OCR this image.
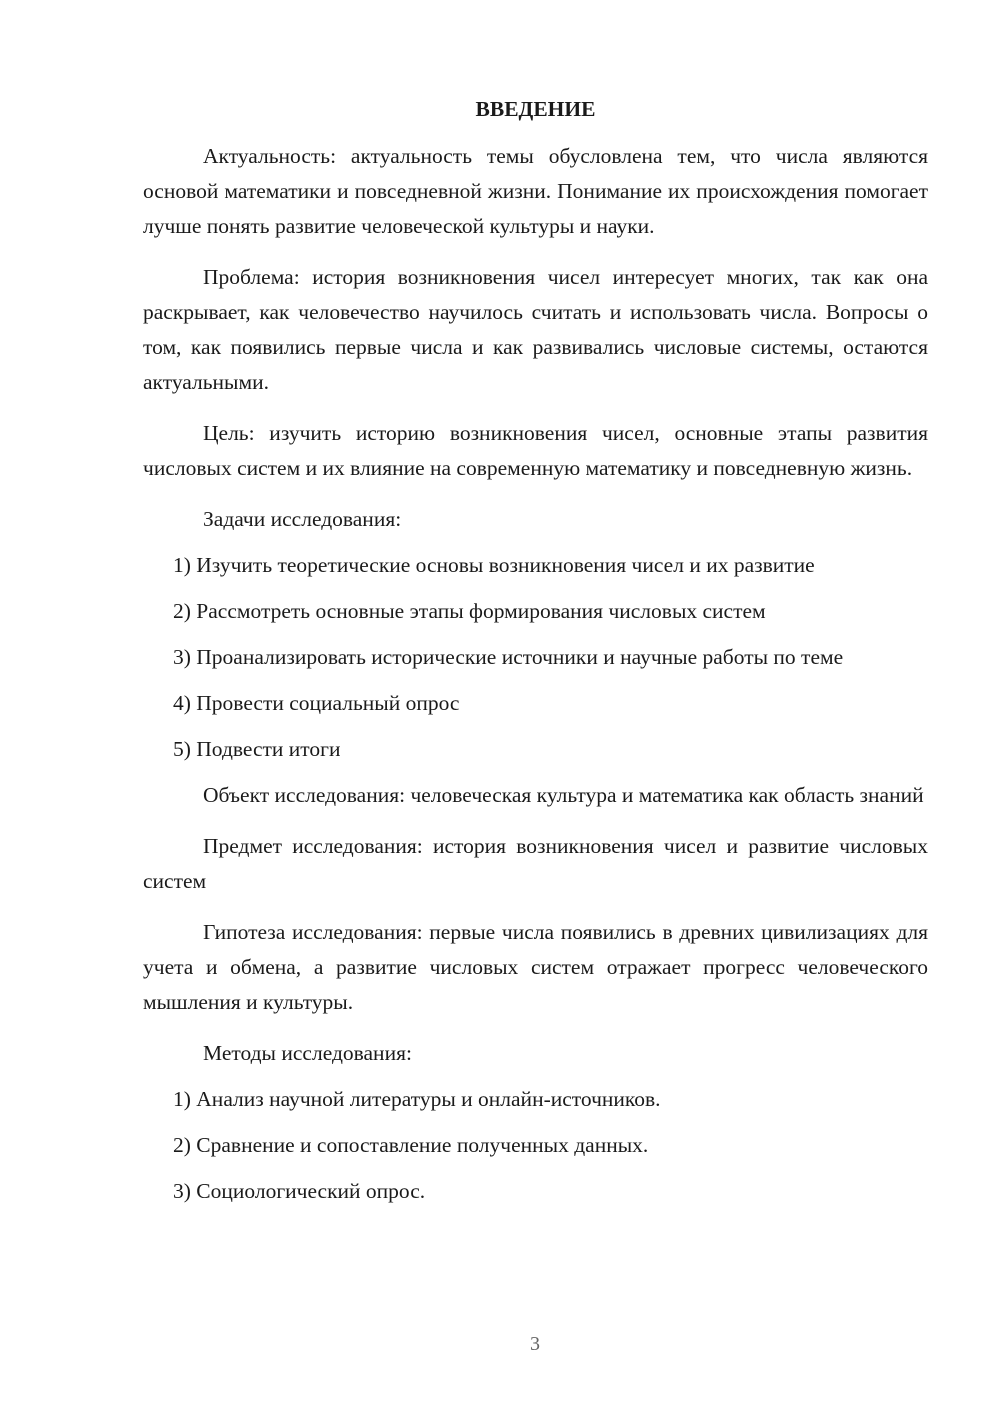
ВВЕДЕНИЕ

Актуальность: актуальность темы обусловлена тем, что числа являются основой математики и повседневной жизни. Понимание их происхождения помогает лучше понять развитие человеческой культуры и науки.

Проблема: история возникновения чисел интересует многих, так как она раскрывает, как человечество научилось считать и использовать числа. Вопросы о том, как появились первые числа и как развивались числовые системы, остаются актуальными.

Цель: изучить историю возникновения чисел, основные этапы развития числовых систем и их влияние на современную математику и повседневную жизнь.

Задачи исследования:

1) Изучить теоретические основы возникновения чисел и их развитие

2) Рассмотреть основные этапы формирования числовых систем

3) Проанализировать исторические источники и научные работы по теме

4) Провести социальный опрос

5) Подвести итоги

Объект исследования: человеческая культура и математика как область знаний

Предмет исследования: история возникновения чисел и развитие числовых систем

Гипотеза исследования: первые числа появились в древних цивилизациях для учета и обмена, а развитие числовых систем отражает прогресс человеческого мышления и культуры.

Методы исследования:

1) Анализ научной литературы и онлайн-источников.

2) Сравнение и сопоставление полученных данных.

3) Социологический опрос.

3
